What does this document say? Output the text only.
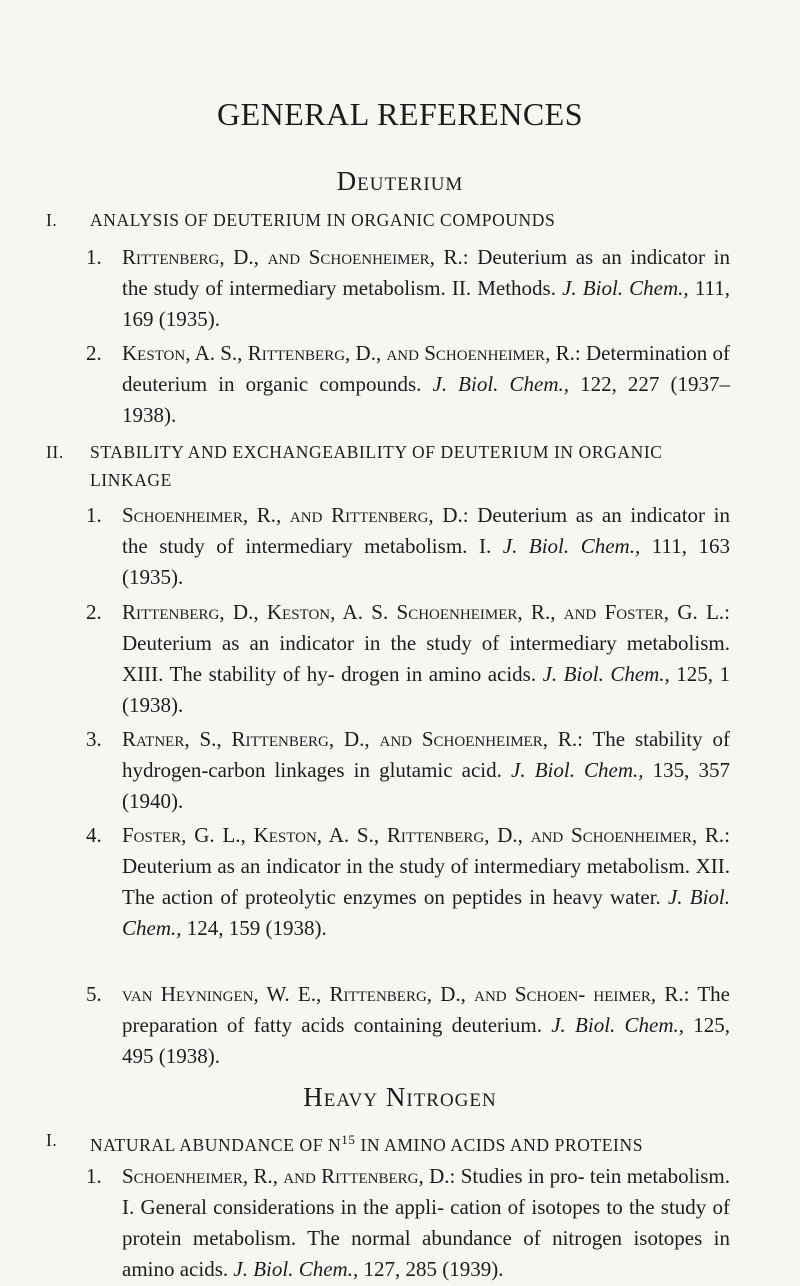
GENERAL REFERENCES
Deuterium
I.	ANALYSIS OF DEUTERIUM IN ORGANIC COMPOUNDS
1. Rittenberg, D., and Schoenheimer, R.: Deuterium as an indicator in the study of intermediary metabolism. II. Methods. J. Biol. Chem., 111, 169 (1935).
2. Keston, A. S., Rittenberg, D., and Schoenheimer, R.: Determination of deuterium in organic compounds. J. Biol. Chem., 122, 227 (1937–1938).
II.	STABILITY AND EXCHANGEABILITY OF DEUTERIUM IN ORGANIC LINKAGE
1. Schoenheimer, R., and Rittenberg, D.: Deuterium as an indicator in the study of intermediary metabolism. I. J. Biol. Chem., 111, 163 (1935).
2. Rittenberg, D., Keston, A. S. Schoenheimer, R., and Foster, G. L.: Deuterium as an indicator in the study of intermediary metabolism. XIII. The stability of hy- drogen in amino acids. J. Biol. Chem., 125, 1 (1938).
3. Ratner, S., Rittenberg, D., and Schoenheimer, R.: The stability of hydrogen-carbon linkages in glutamic acid. J. Biol. Chem., 135, 357 (1940).
4. Foster, G. L., Keston, A. S., Rittenberg, D., and Schoenheimer, R.: Deuterium as an indicator in the study of intermediary metabolism. XII. The action of proteolytic enzymes on peptides in heavy water. J. Biol. Chem., 124, 159 (1938).
5. van Heyningen, W. E., Rittenberg, D., and Schoen- heimer, R.: The preparation of fatty acids containing deuterium. J. Biol. Chem., 125, 495 (1938).
Heavy Nitrogen
I.	NATURAL ABUNDANCE OF $N^{15}$ IN AMINO ACIDS AND PROTEINS
1. Schoenheimer, R., and Rittenberg, D.: Studies in pro- tein metabolism. I. General considerations in the appli- cation of isotopes to the study of protein metabolism. The normal abundance of nitrogen isotopes in amino acids. J. Biol. Chem., 127, 285 (1939).
